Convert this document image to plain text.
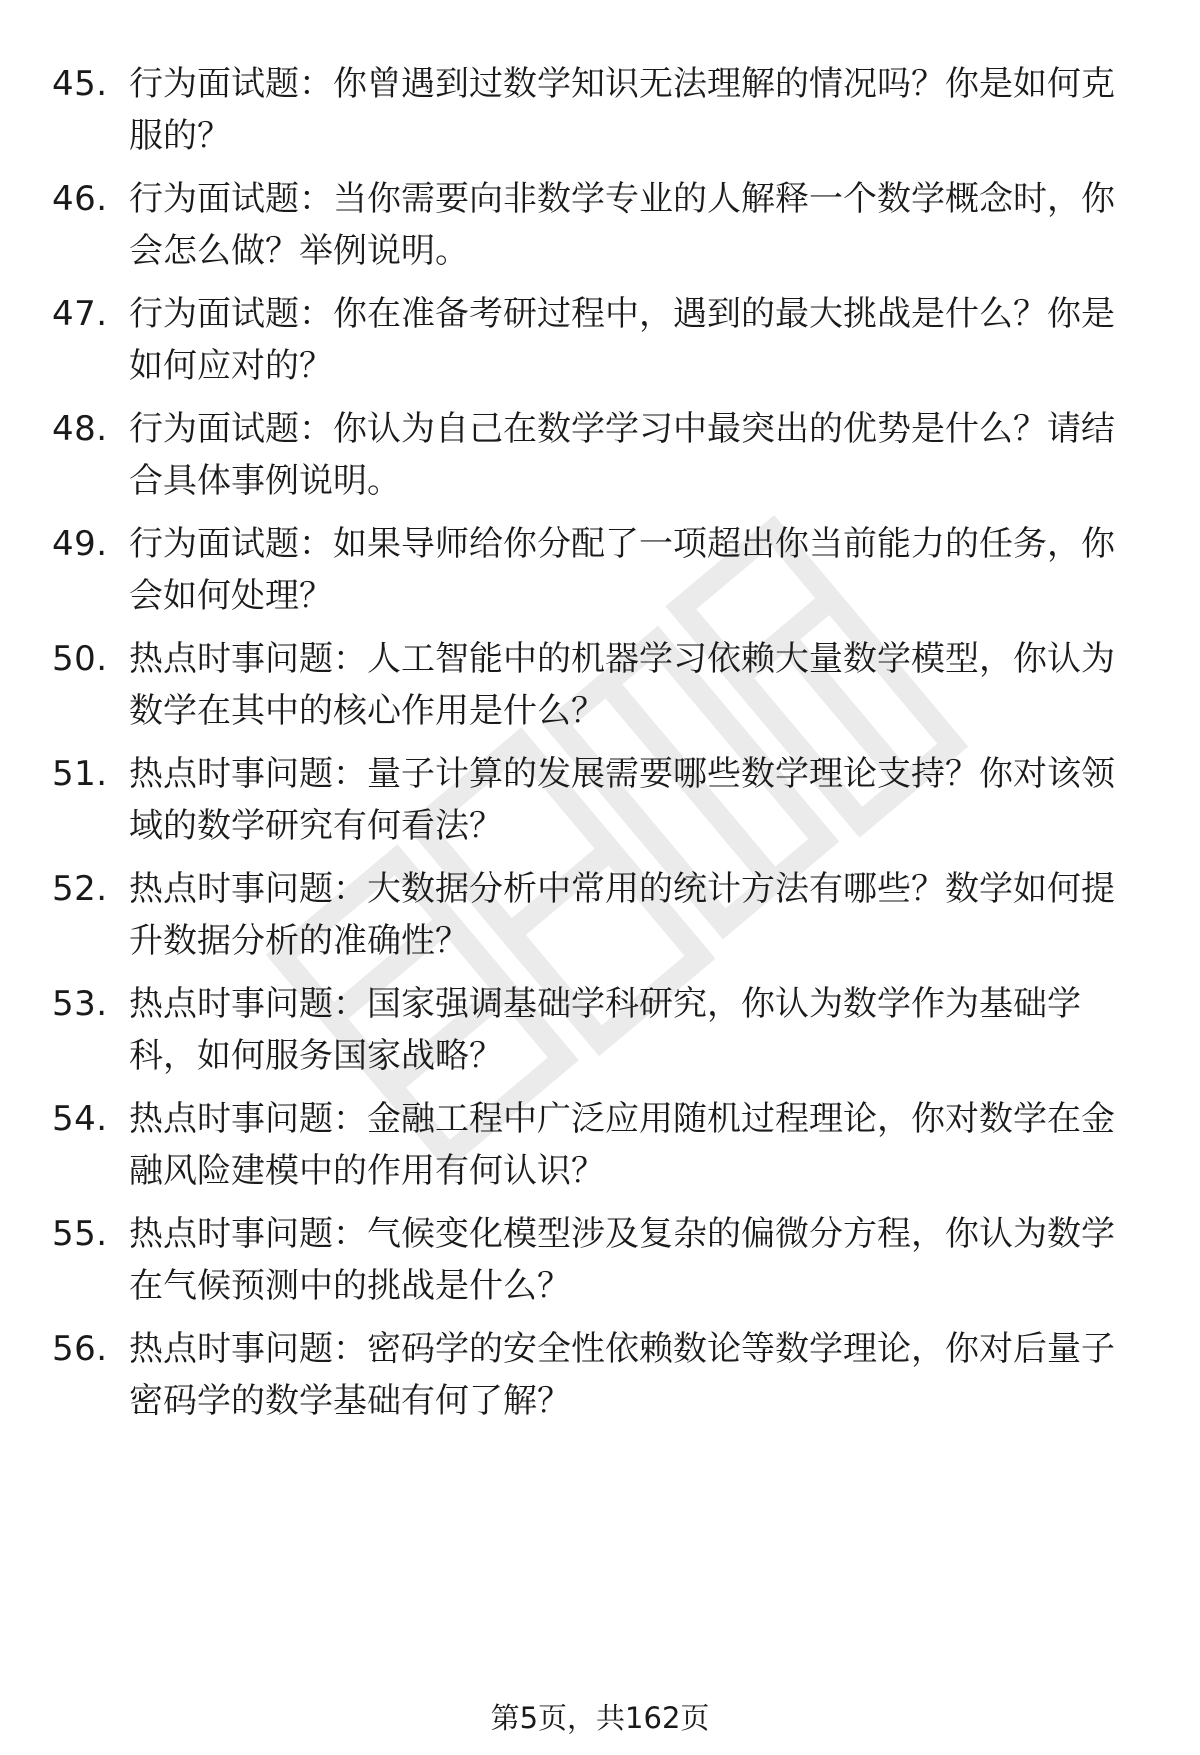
45. 行为面试题：你曾遇到过数学知识无法理解的情况吗？你是如何克服的？

46. 行为面试题：当你需要向非数学专业的人解释一个数学概念时，你会怎么做？举例说明。

47. 行为面试题：你在准备考研过程中，遇到的最大挑战是什么？你是如何应对的？

48. 行为面试题：你认为自己在数学学习中最突出的优势是什么？请结合具体事例说明。

49. 行为面试题：如果导师给你分配了一项超出你当前能力的任务，你会如何处理？

50. 热点时事问题：人工智能中的机器学习依赖大量数学模型，你认为数学在其中的核心作用是什么？

51. 热点时事问题：量子计算的发展需要哪些数学理论支持？你对该领域的数学研究有何看法？

52. 热点时事问题：大数据分析中常用的统计方法有哪些？数学如何提升数据分析的准确性？

53. 热点时事问题：国家强调基础学科研究，你认为数学作为基础学科，如何服务国家战略？

54. 热点时事问题：金融工程中广泛应用随机过程理论，你对数学在金融风险建模中的作用有何认识？

55. 热点时事问题：气候变化模型涉及复杂的偏微分方程，你认为数学在气候预测中的挑战是什么？

56. 热点时事问题：密码学的安全性依赖数论等数学理论，你对后量子密码学的数学基础有何了解？

第5页，共162页
